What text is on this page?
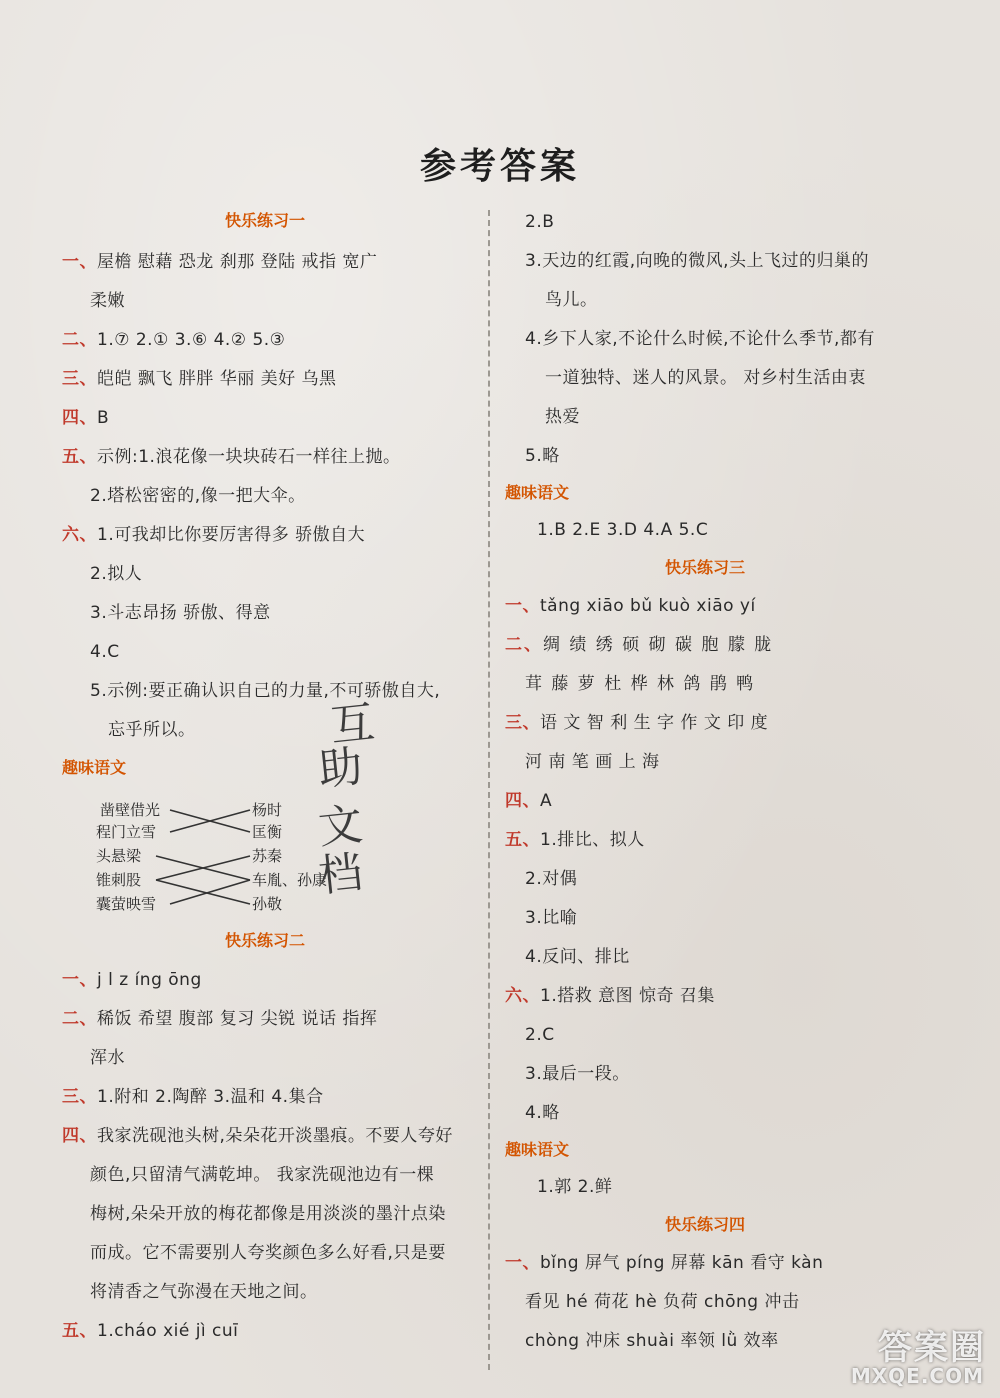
参考答案
快乐练习一
一、屋檐 慰藉 恐龙 刹那 登陆 戒指 宽广
柔嫩
二、1.⑦ 2.① 3.⑥ 4.② 5.③
三、皑皑 飘飞 胖胖 华丽 美好 乌黑
四、B
五、示例:1.浪花像一块块砖石一样往上抛。
2.塔松密密的,像一把大伞。
六、1.可我却比你要厉害得多 骄傲自大
2.拟人
3.斗志昂扬 骄傲、得意
4.C
5.示例:要正确认识自己的力量,不可骄傲自大,
忘乎所以。
趣味语文
凿壁借光
程门立雪
头悬梁
锥刺股
囊萤映雪
杨时
匡衡
苏秦
车胤、孙康
孙敬
快乐练习二
一、j l z íng ōng
二、稀饭 希望 腹部 复习 尖锐 说话 指挥
浑水
三、1.附和 2.陶醉 3.温和 4.集合
四、我家洗砚池头树,朵朵花开淡墨痕。不要人夸好
颜色,只留清气满乾坤。 我家洗砚池边有一棵
梅树,朵朵开放的梅花都像是用淡淡的墨汁点染
而成。它不需要别人夸奖颜色多么好看,只是要
将清香之气弥漫在天地之间。
五、1.cháo xié jì cuī
互
助
文
档
2.B
3.天边的红霞,向晚的微风,头上飞过的归巢的
鸟儿。
4.乡下人家,不论什么时候,不论什么季节,都有
一道独特、迷人的风景。 对乡村生活由衷
热爱
5.略
趣味语文
1.B 2.E 3.D 4.A 5.C
快乐练习三
一、tǎng xiāo bǔ kuò xiāo yí
二、绸 绩 绣 硕 砌 碳 胞 朦 胧
茸 藤 萝 杜 桦 林 鸽 鹃 鸭
三、语 文 智 利 生 字 作 文 印 度
河 南 笔 画 上 海
四、A
五、1.排比、拟人
2.对偶
3.比喻
4.反问、排比
六、1.搭救 意图 惊奇 召集
2.C
3.最后一段。
4.略
趣味语文
1.郭 2.鲜
快乐练习四
一、bǐng 屏气 píng 屏幕 kān 看守 kàn
看见 hé 荷花 hè 负荷 chōng 冲击
chòng 冲床 shuài 率领 lǜ 效率	答案圈
MXQE.COM
